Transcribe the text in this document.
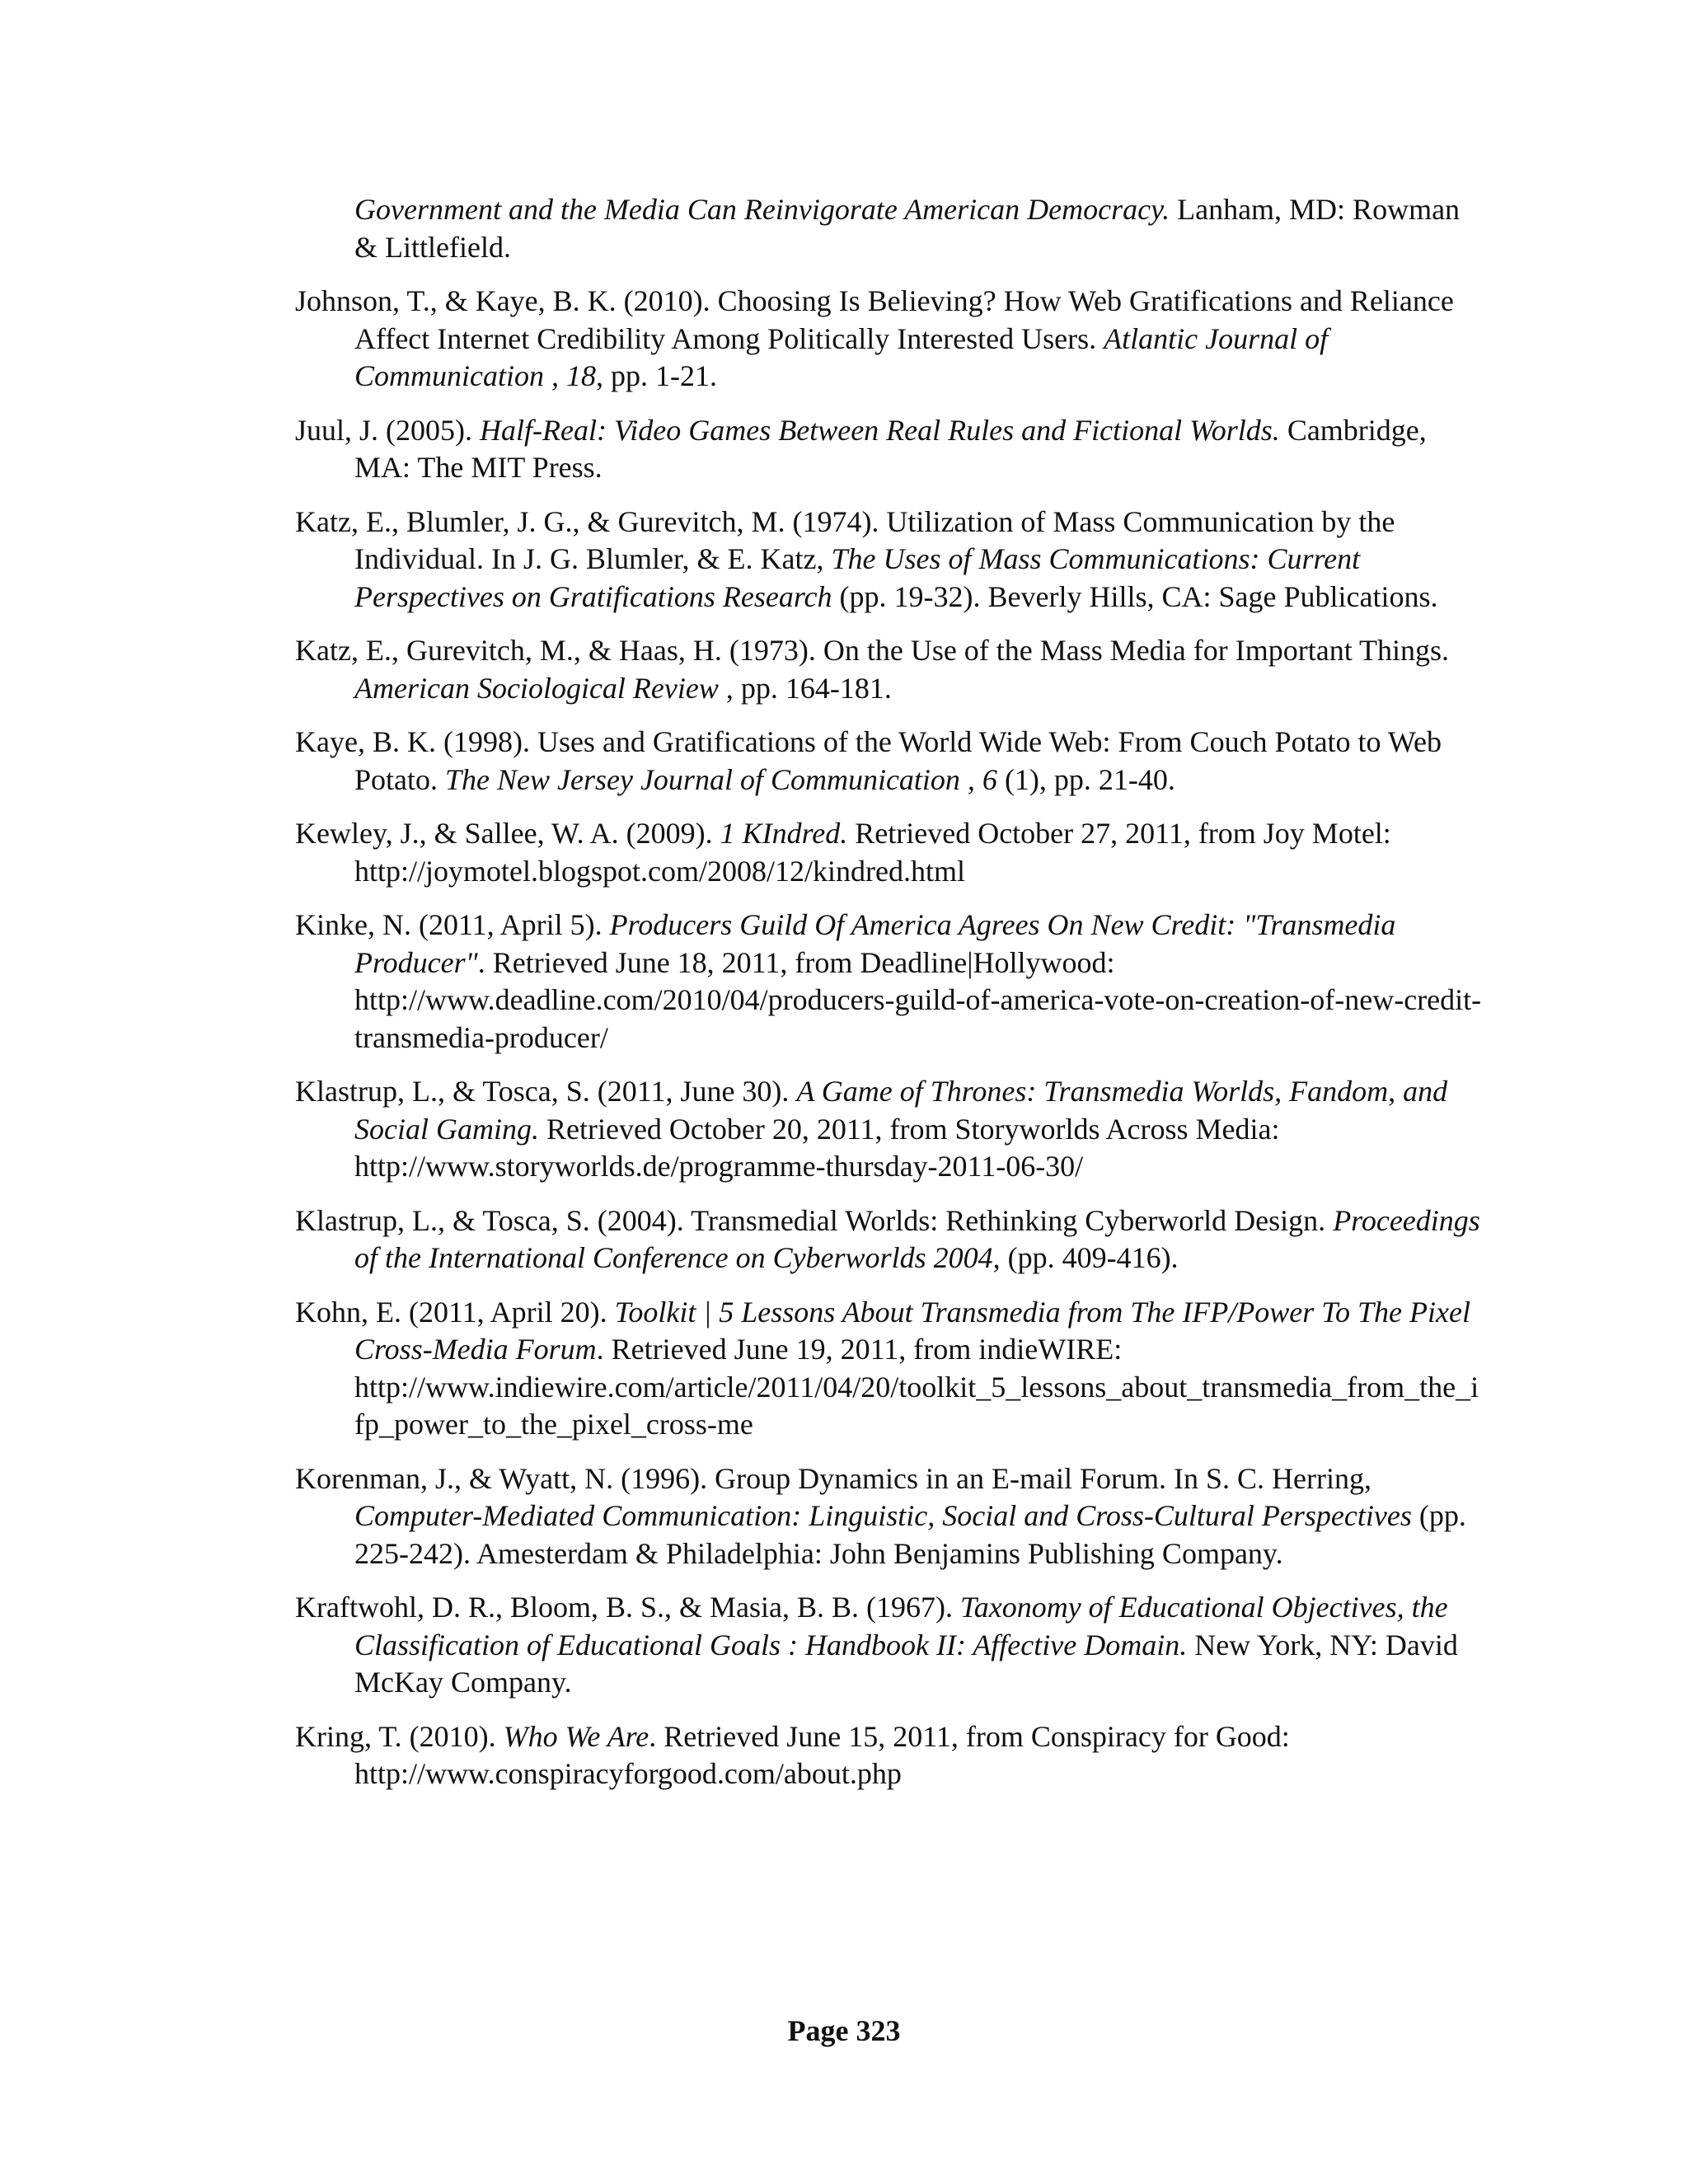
Government and the Media Can Reinvigorate American Democracy. Lanham, MD: Rowman & Littlefield.

Johnson, T., & Kaye, B. K. (2010). Choosing Is Believing? How Web Gratifications and Reliance Affect Internet Credibility Among Politically Interested Users. Atlantic Journal of Communication , 18, pp. 1-21.

Juul, J. (2005). Half-Real: Video Games Between Real Rules and Fictional Worlds. Cambridge, MA: The MIT Press.

Katz, E., Blumler, J. G., & Gurevitch, M. (1974). Utilization of Mass Communication by the Individual. In J. G. Blumler, & E. Katz, The Uses of Mass Communications: Current Perspectives on Gratifications Research (pp. 19-32). Beverly Hills, CA: Sage Publications.

Katz, E., Gurevitch, M., & Haas, H. (1973). On the Use of the Mass Media for Important Things. American Sociological Review , pp. 164-181.

Kaye, B. K. (1998). Uses and Gratifications of the World Wide Web: From Couch Potato to Web Potato. The New Jersey Journal of Communication , 6 (1), pp. 21-40.

Kewley, J., & Sallee, W. A. (2009). 1 KIndred. Retrieved October 27, 2011, from Joy Motel: http://joymotel.blogspot.com/2008/12/kindred.html

Kinke, N. (2011, April 5). Producers Guild Of America Agrees On New Credit: "Transmedia Producer". Retrieved June 18, 2011, from Deadline|Hollywood: http://www.deadline.com/2010/04/producers-guild-of-america-vote-on-creation-of-new-credit-transmedia-producer/

Klastrup, L., & Tosca, S. (2011, June 30). A Game of Thrones: Transmedia Worlds, Fandom, and Social Gaming. Retrieved October 20, 2011, from Storyworlds Across Media: http://www.storyworlds.de/programme-thursday-2011-06-30/

Klastrup, L., & Tosca, S. (2004). Transmedial Worlds: Rethinking Cyberworld Design. Proceedings of the International Conference on Cyberworlds 2004, (pp. 409-416).

Kohn, E. (2011, April 20). Toolkit | 5 Lessons About Transmedia from The IFP/Power To The Pixel Cross-Media Forum. Retrieved June 19, 2011, from indieWIRE: http://www.indiewire.com/article/2011/04/20/toolkit_5_lessons_about_transmedia_from_the_ifp_power_to_the_pixel_cross-me

Korenman, J., & Wyatt, N. (1996). Group Dynamics in an E-mail Forum. In S. C. Herring, Computer-Mediated Communication: Linguistic, Social and Cross-Cultural Perspectives (pp. 225-242). Amesterdam & Philadelphia: John Benjamins Publishing Company.

Kraftwohl, D. R., Bloom, B. S., & Masia, B. B. (1967). Taxonomy of Educational Objectives, the Classification of Educational Goals : Handbook II: Affective Domain. New York, NY: David McKay Company.

Kring, T. (2010). Who We Are. Retrieved June 15, 2011, from Conspiracy for Good: http://www.conspiracyforgood.com/about.php

Page 323
